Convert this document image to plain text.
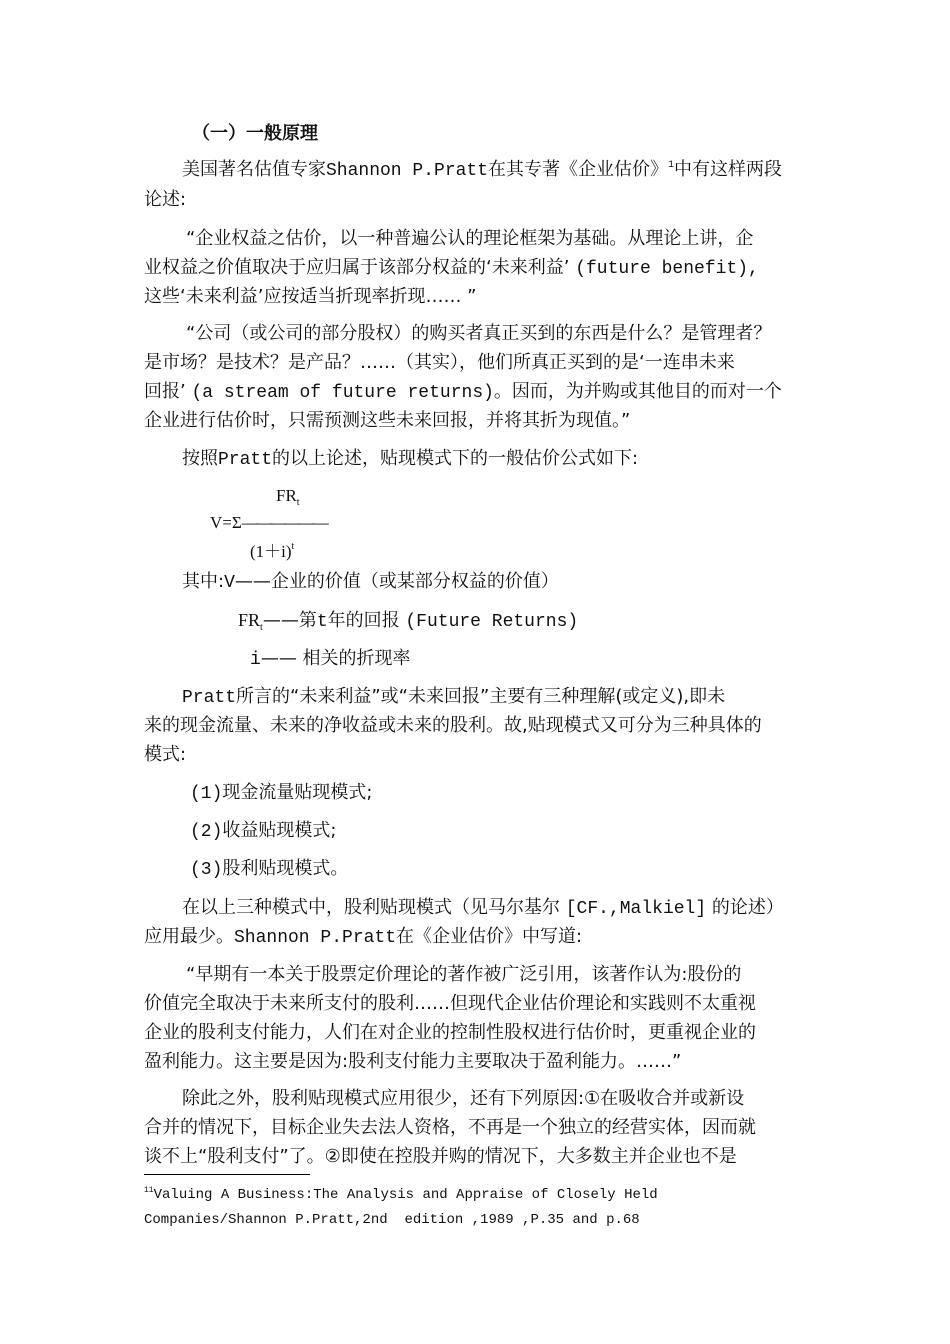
（一）一般原理
美国著名估值专家Shannon P.Pratt在其专著《企业估价》$^1$中有这样两段
论述:
“企业权益之估价，以一种普遍公认的理论框架为基础。从理论上讲，企
业权益之价值取决于应归属于该部分权益的‘未来利益’ (future benefit),
这些‘未来利益’应按适当折现率折现…… ”
“公司（或公司的部分股权）的购买者真正买到的东西是什么？是管理者？
是市场？是技术？是产品？……（其实），他们所真正买到的是‘一连串未来
回报’ (a stream of future returns)。因而，为并购或其他目的而对一个
企业进行估价时，只需预测这些未来回报，并将其折为现值。”
按照Pratt的以上论述，贴现模式下的一般估价公式如下:
$FR_t$
V=Σ——————
$(1+i)^t$
其中:V——企业的价值（或某部分权益的价值）
$FR_t——$第t年的回报 (Future Returns)
i—— 相关的折现率
Pratt所言的“未来利益”或“未来回报”主要有三种理解(或定义),即未
来的现金流量、未来的净收益或未来的股利。故,贴现模式又可分为三种具体的
模式:
(1)现金流量贴现模式;
(2)收益贴现模式;
(3)股利贴现模式。
在以上三种模式中，股利贴现模式（见马尔基尔 [CF.,Malkiel] 的论述）
应用最少。Shannon P.Pratt在《企业估价》中写道:
“早期有一本关于股票定价理论的著作被广泛引用，该著作认为:股份的
价值完全取决于未来所支付的股利……但现代企业估价理论和实践则不太重视
企业的股利支付能力，人们在对企业的控制性股权进行估价时，更重视企业的
盈利能力。这主要是因为:股利支付能力主要取决于盈利能力。……”
除此之外，股利贴现模式应用很少，还有下列原因:①在吸收合并或新设
合并的情况下，目标企业失去法人资格，不再是一个独立的经营实体，因而就
谈不上“股利支付”了。②即使在控股并购的情况下，大多数主并企业也不是
$^{11}$Valuing A Business:The Analysis and Appraise of Closely Held
Companies/Shannon P.Pratt,2nd  edition ,1989 ,P.35 and p.68
